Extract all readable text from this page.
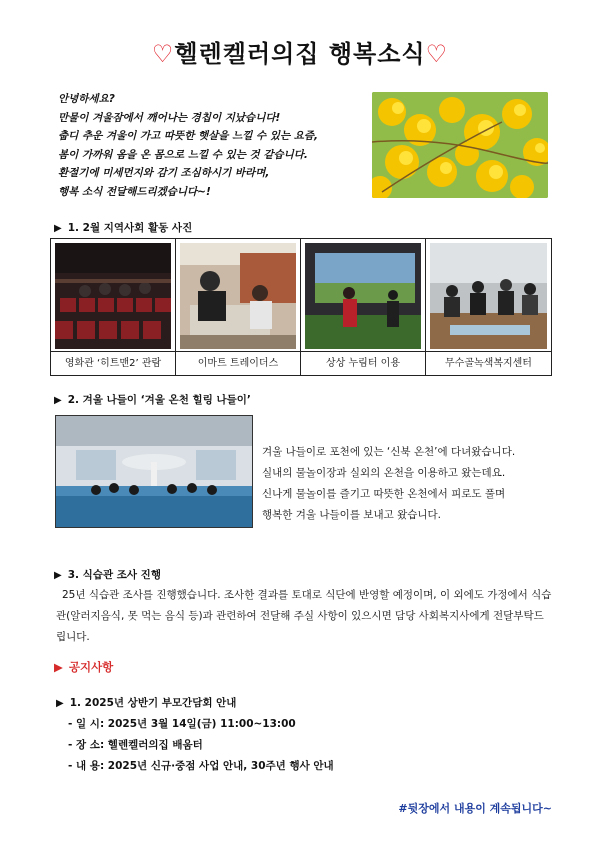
♡헬렌켈러의집 행복소식♡
안녕하세요?
만물이 겨울잠에서 깨어나는 경칩이 지났습니다!
춥디 추운 겨울이 가고 따뜻한 햇살을 느낄 수 있는 요즘,
봄이 가까워 옴을 온 몸으로 느낄 수 있는 것 같습니다.
환절기에 미세먼지와 감기 조심하시기 바라며,
행복 소식 전달해드리겠습니다~!
▶ 1. 2월 지역사회 활동 사진
영화관 ‘히트맨2’ 관람	이마트 트레이더스	상상 누림터 이용	무수골녹색복지센터
▶ 2. 겨울 나들이 ‘겨울 온천 힐링 나들이’
겨울 나들이로 포천에 있는 ‘신북 온천’에 다녀왔습니다.
실내의 물놀이장과 실외의 온천을 이용하고 왔는데요.
신나게 물놀이를 즐기고 따뜻한 온천에서 피로도 풀며
행복한 겨울 나들이를 보내고 왔습니다.
▶ 3. 식습관 조사 진행
25년 식습관 조사를 진행했습니다. 조사한 결과를 토대로 식단에 반영할 예정이며, 이 외에도 가정에서 식습관(알러지음식, 못 먹는 음식 등)과 관련하여 전달해 주실 사항이 있으시면 담당 사회복지사에게 전달부탁드립니다.
▶ 공지사항
▶ 1. 2025년 상반기 부모간담회 안내
- 일 시: 2025년 3월 14일(금) 11:00~13:00
- 장 소: 헬렌켈러의집 배움터
- 내 용: 2025년 신규·중점 사업 안내, 30주년 행사 안내
#뒷장에서 내용이 계속됩니다~
